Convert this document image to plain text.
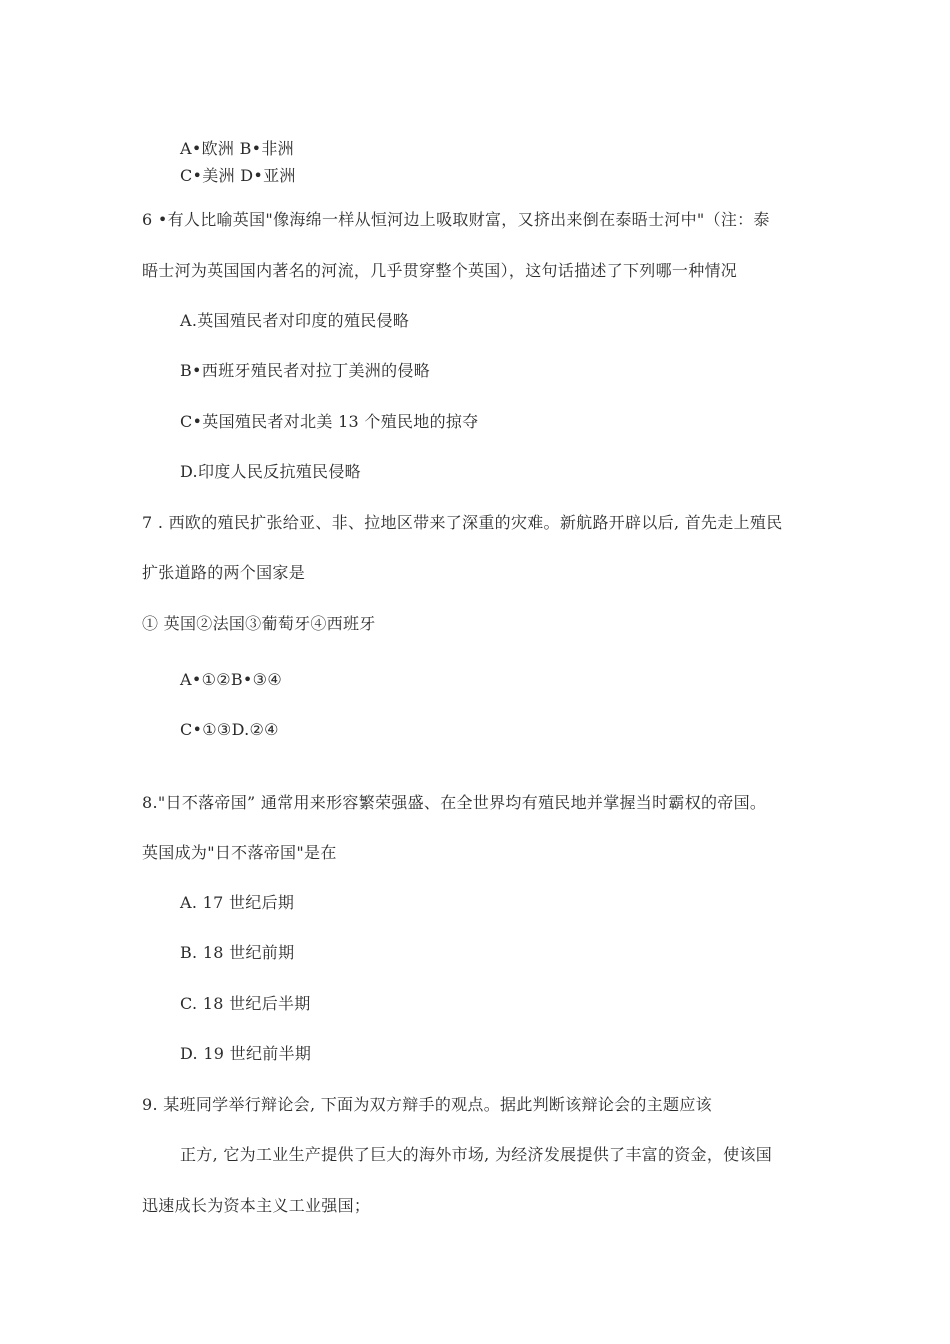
A•欧洲 B•非洲
C•美洲 D•亚洲
6 •有人比喻英国"像海绵一样从恒河边上吸取财富，又挤出来倒在泰晤士河中"（注：泰
晤士河为英国国内著名的河流，几乎贯穿整个英国），这句话描述了下列哪一种情况
A.英国殖民者对印度的殖民侵略
B•西班牙殖民者对拉丁美洲的侵略
C•英国殖民者对北美 13 个殖民地的掠夺
D.印度人民反抗殖民侵略
7 . 西欧的殖民扩张给亚、非、拉地区带来了深重的灾难。新航路开辟以后, 首先走上殖民
扩张道路的两个国家是
① 英国②法国③葡萄牙④西班牙
A•①②B•③④
C•①③D.②④
8."日不落帝国” 通常用来形容繁荣强盛、在全世界均有殖民地并掌握当时霸权的帝国。
英国成为"日不落帝国"是在
A. 17 世纪后期
B. 18 世纪前期
C. 18 世纪后半期
D. 19 世纪前半期
9. 某班同学举行辩论会, 下面为双方辩手的观点。据此判断该辩论会的主题应该
正方, 它为工业生产提供了巨大的海外市场, 为经济发展提供了丰富的资金，使该国
迅速成长为资本主义工业强国；
